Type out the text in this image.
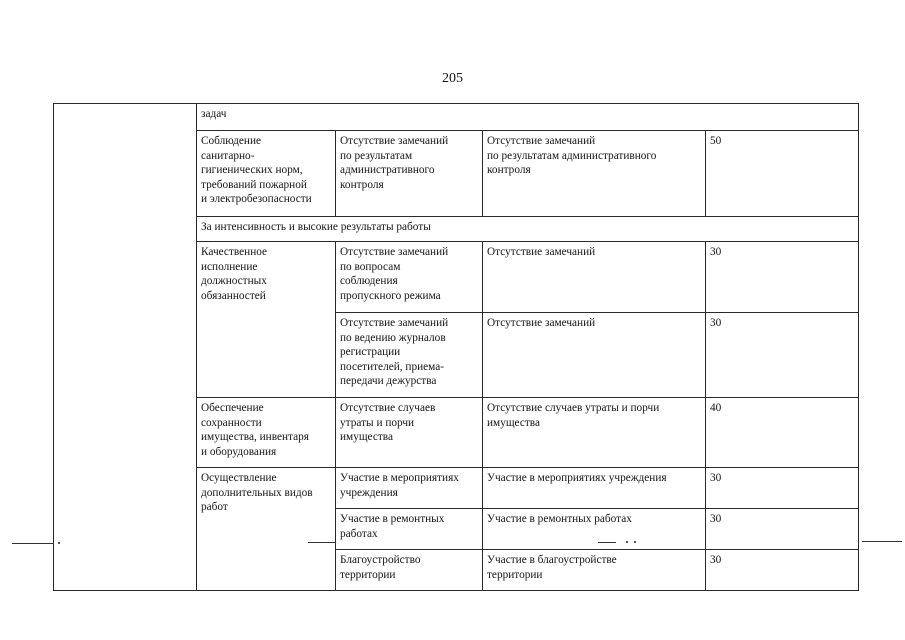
205
	задач			
	Соблюдение
санитарно-
гигиенических норм,
требований пожарной
и электробезопасности	Отсутствие замечаний
по результатам
административного
контроля	Отсутствие замечаний
по результатам административного
контроля	50
	За интенсивность и высокие результаты работы			
	Качественное
исполнение
должностных
обязанностей	Отсутствие замечаний
по вопросам
соблюдения
пропускного режима	Отсутствие замечаний	30
		Отсутствие замечаний
по ведению журналов
регистрации
посетителей, приема-
передачи дежурства	Отсутствие замечаний	30
	Обеспечение
сохранности
имущества, инвентаря
и оборудования	Отсутствие случаев
утраты и порчи
имущества	Отсутствие случаев утраты и порчи
имущества	40
	Осуществление
дополнительных видов
работ	Участие в мероприятиях
учреждения	Участие в мероприятиях учреждения	30
		Участие в ремонтных
работах	Участие в ремонтных работах	30
		Благоустройство
территории	Участие в благоустройстве
территории	30
